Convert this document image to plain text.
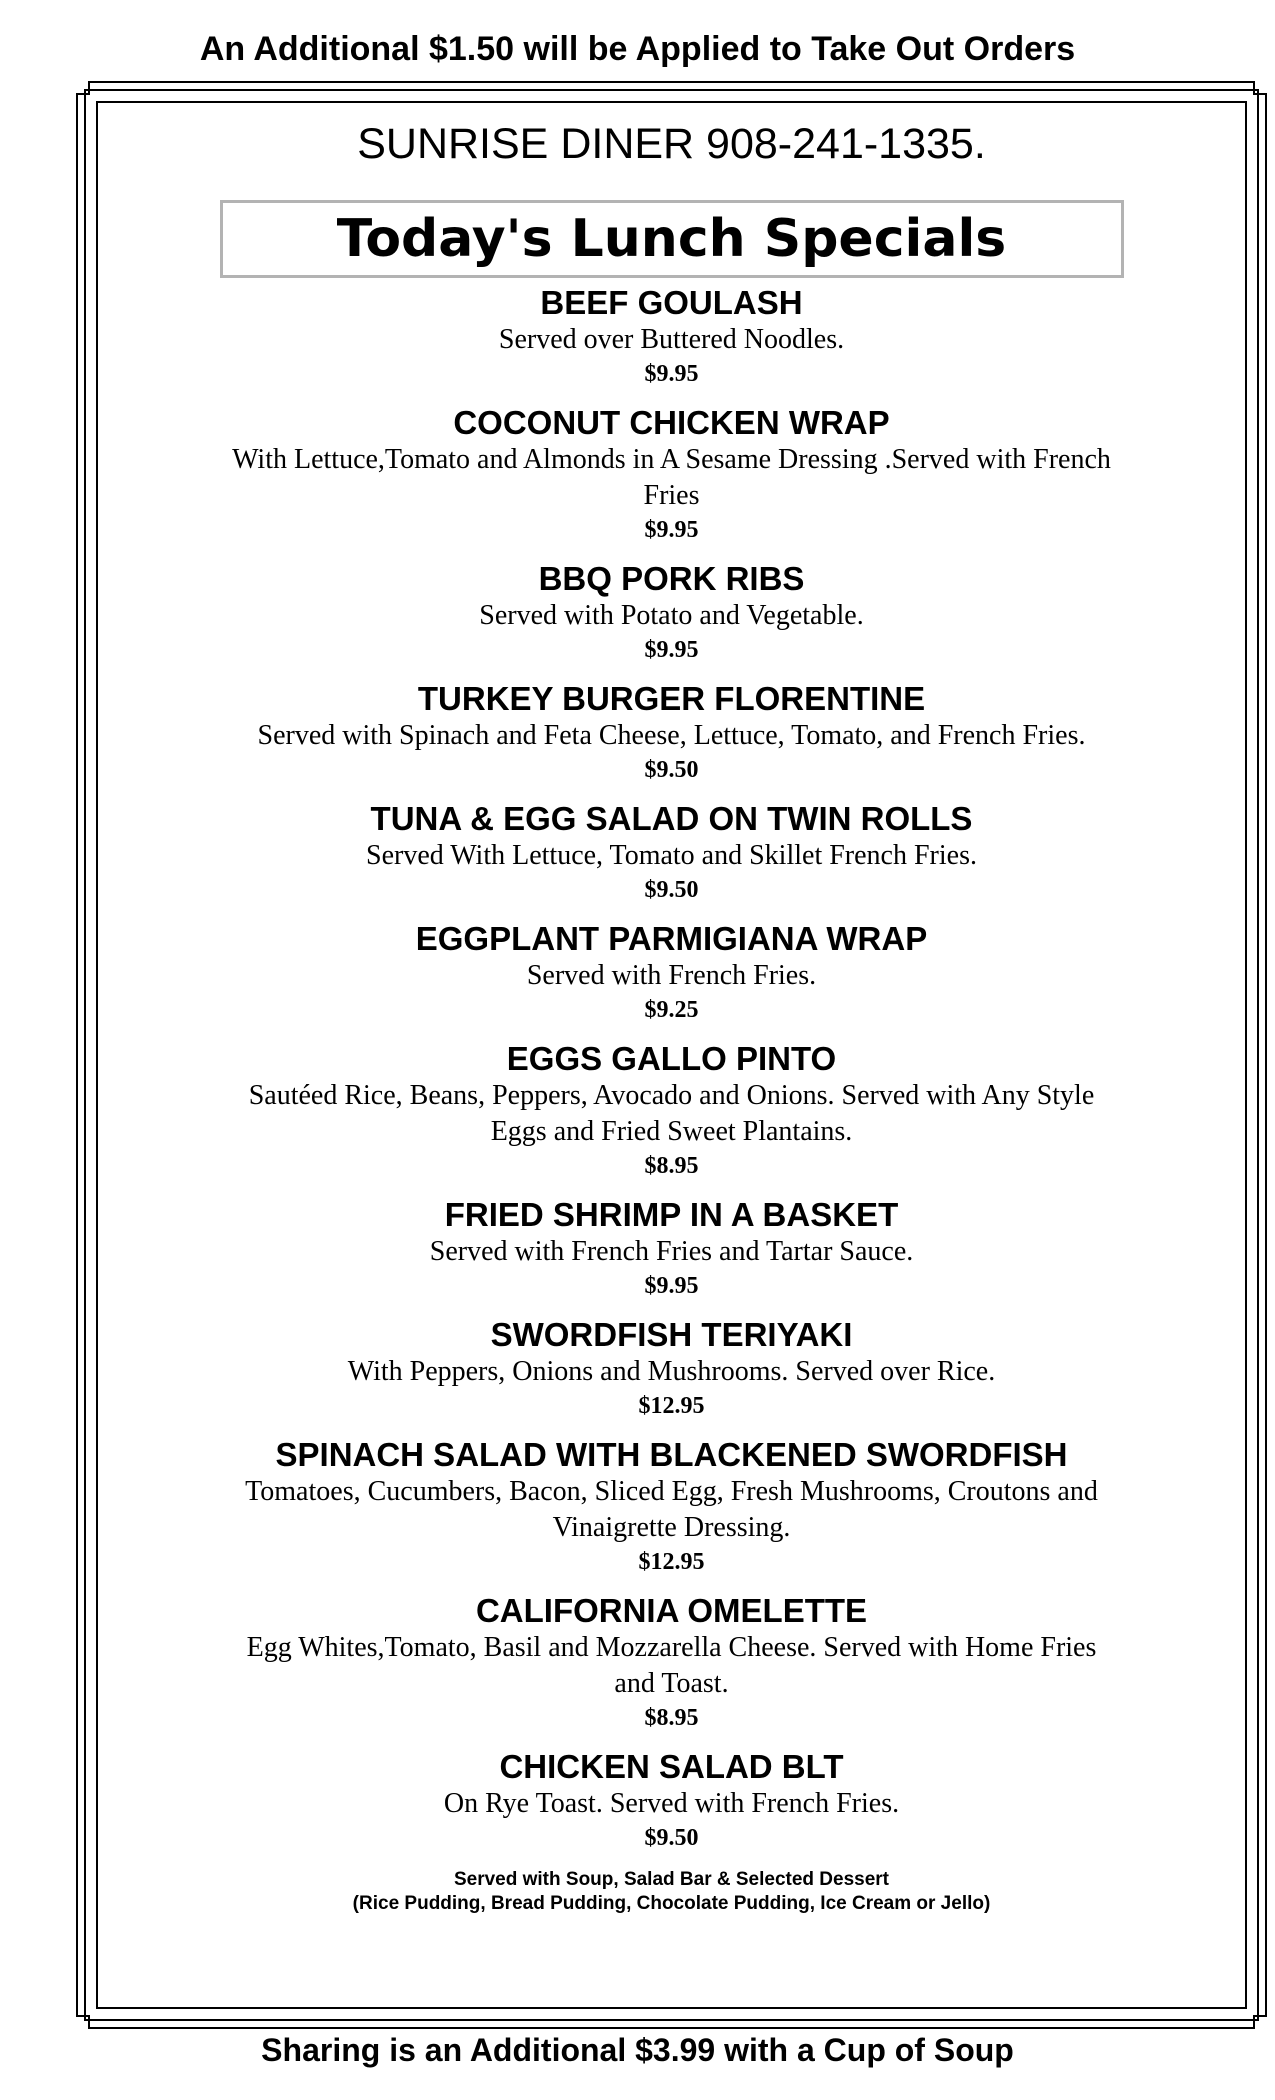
An Additional $1.50 will be Applied to Take Out Orders
SUNRISE DINER 908-241-1335.
Today's Lunch Specials
BEEF GOULASH
Served over Buttered Noodles.
$9.95
COCONUT CHICKEN WRAP
With Lettuce,Tomato and Almonds in A Sesame Dressing .Served with French Fries
$9.95
BBQ PORK RIBS
Served with Potato and Vegetable.
$9.95
TURKEY BURGER FLORENTINE
Served with Spinach and Feta Cheese, Lettuce, Tomato, and French Fries.
$9.50
TUNA & EGG SALAD ON TWIN ROLLS
Served With Lettuce, Tomato and Skillet French Fries.
$9.50
EGGPLANT PARMIGIANA WRAP
Served with French Fries.
$9.25
EGGS GALLO PINTO
Sautéed Rice, Beans, Peppers, Avocado and Onions. Served with Any Style Eggs and Fried Sweet Plantains.
$8.95
FRIED SHRIMP IN A BASKET
Served with French Fries and Tartar Sauce.
$9.95
SWORDFISH TERIYAKI
With Peppers, Onions and Mushrooms. Served over Rice.
$12.95
SPINACH SALAD WITH BLACKENED SWORDFISH
Tomatoes, Cucumbers, Bacon, Sliced Egg, Fresh Mushrooms, Croutons and Vinaigrette Dressing.
$12.95
CALIFORNIA OMELETTE
Egg Whites,Tomato, Basil and Mozzarella Cheese. Served with Home Fries and Toast.
$8.95
CHICKEN SALAD BLT
On Rye Toast. Served with French Fries.
$9.50
Served with Soup, Salad Bar & Selected Dessert
(Rice Pudding, Bread Pudding, Chocolate Pudding, Ice Cream or Jello)
Sharing is an Additional $3.99 with a Cup of Soup
